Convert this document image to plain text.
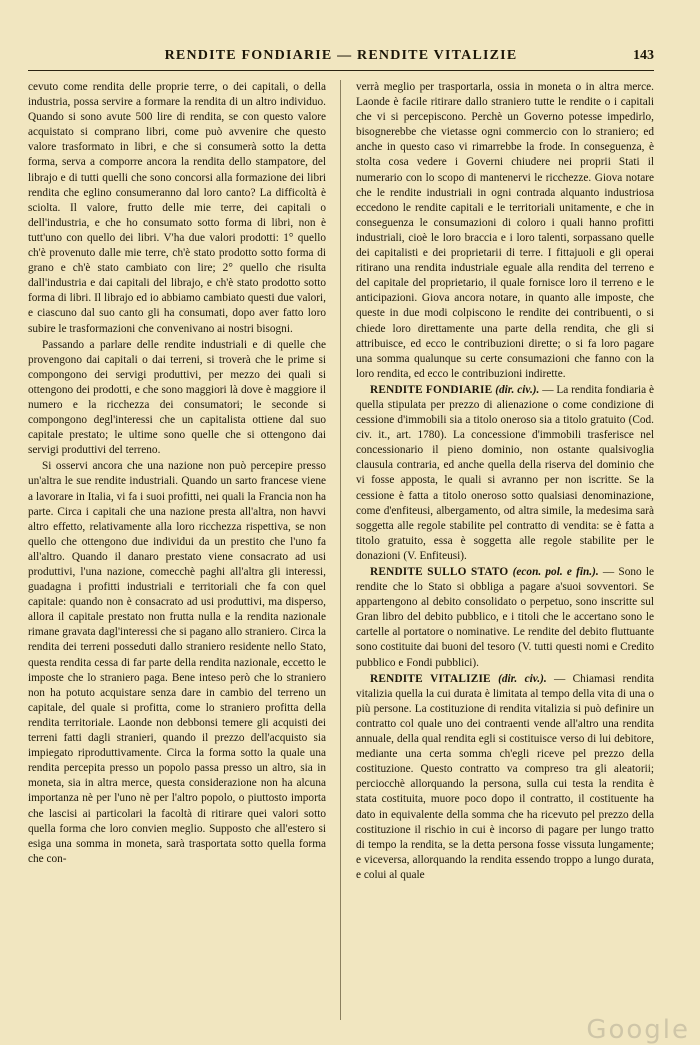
RENDITE FONDIARIE — RENDITE VITALIZIE	143

cevuto come rendita delle proprie terre, o dei capitali, o della industria, possa servire a formare la rendita di un altro individuo. Quando si sono avute 500 lire di rendita, se con questo valore acquistato si comprano libri, come può avvenire che questo valore trasformato in libri, e che si consumerà sotto la detta forma, serva a comporre ancora la rendita dello stampatore, del librajo e di tutti quelli che sono concorsi alla formazione dei libri rendita che eglino consumeranno dal loro canto? La difficoltà è sciolta. Il valore, frutto delle mie terre, dei capitali o dell'industria, e che ho consumato sotto forma di libri, non è tutt'uno con quello dei libri. V'ha due valori prodotti: 1° quello ch'è provenuto dalle mie terre, ch'è stato prodotto sotto forma di grano e ch'è stato cambiato con lire; 2° quello che risulta dall'industria e dai capitali del librajo, e ch'è stato prodotto sotto forma di libri. Il librajo ed io abbiamo cambiato questi due valori, e ciascuno dal suo canto gli ha consumati, dopo aver fatto loro subire le trasformazioni che convenivano ai nostri bisogni.

Passando a parlare delle rendite industriali e di quelle che provengono dai capitali o dai terreni, si troverà che le prime si compongono dei servigi produttivi, per mezzo dei quali si ottengono dei prodotti, e che sono maggiori là dove è maggiore il numero e la ricchezza dei consumatori; le seconde si compongono degl'interessi che un capitalista ottiene dal suo capitale prestato; le ultime sono quelle che si ottengono dai servigi produttivi del terreno.

Si osservi ancora che una nazione non può percepire presso un'altra le sue rendite industriali. Quando un sarto francese viene a lavorare in Italia, vi fa i suoi profitti, nei quali la Francia non ha parte. Circa i capitali che una nazione presta all'altra, non havvi altro effetto, relativamente alla loro ricchezza rispettiva, se non quello che ottengono due individui da un prestito che l'uno fa all'altro. Quando il danaro prestato viene consacrato ad usi produttivi, l'una nazione, comecchè paghi all'altra gli interessi, guadagna i profitti industriali e territoriali che fa con quel capitale: quando non è consacrato ad usi produttivi, ma disperso, allora il capitale prestato non frutta nulla e la rendita nazionale rimane gravata dagl'interessi che si pagano allo straniero. Circa la rendita dei terreni posseduti dallo straniero residente nello Stato, questa rendita cessa di far parte della rendita nazionale, eccetto le imposte che lo straniero paga. Bene inteso però che lo straniero non ha potuto acquistare senza dare in cambio del terreno un capitale, del quale si profitta, come lo straniero profitta della rendita territoriale. Laonde non debbonsi temere gli acquisti dei terreni fatti dagli stranieri, quando il prezzo dell'acquisto sia impiegato riproduttivamente. Circa la forma sotto la quale una rendita percepita presso un popolo passa presso un altro, sia in moneta, sia in altra merce, questa considerazione non ha alcuna importanza nè per l'uno nè per l'altro popolo, o piuttosto importa che lascisi ai particolari la facoltà di ritirare quei valori sotto quella forma che loro convien meglio. Supposto che all'estero si esiga una somma in moneta, sarà trasportata sotto quella forma che con-

verrà meglio per trasportarla, ossia in moneta o in altra merce. Laonde è facile ritirare dallo straniero tutte le rendite o i capitali che vi si percepiscono. Perchè un Governo potesse impedirlo, bisognerebbe che vietasse ogni commercio con lo straniero; ed anche in questo caso vi rimarrebbe la frode. In conseguenza, è stolta cosa vedere i Governi chiudere nei proprii Stati il numerario con lo scopo di mantenervi le ricchezze. Giova notare che le rendite industriali in ogni contrada alquanto industriosa eccedono le rendite capitali e le territoriali unitamente, e che in conseguenza le consumazioni di coloro i quali hanno profitti industriali, cioè le loro braccia e i loro talenti, sorpassano quelle dei capitalisti e dei proprietarii di terre. I fittajuoli e gli operai ritirano una rendita industriale eguale alla rendita del terreno e del capitale del proprietario, il quale fornisce loro il terreno e le anticipazioni. Giova ancora notare, in quanto alle imposte, che queste in due modi colpiscono le rendite dei contribuenti, o si chiede loro direttamente una parte della rendita, che gli si attribuisce, ed ecco le contribuzioni dirette; o si fa loro pagare una somma qualunque su certe consumazioni che fanno con la loro rendita, ed ecco le contribuzioni indirette.

RENDITE FONDIARIE (dir. civ.). — La rendita fondiaria è quella stipulata per prezzo di alienazione o come condizione di cessione d'immobili sia a titolo oneroso sia a titolo gratuito (Cod. civ. it., art. 1780). La concessione d'immobili trasferisce nel concessionario il pieno dominio, non ostante qualsivoglia clausula contraria, ed anche quella della riserva del dominio che vi fosse apposta, le quali si avranno per non iscritte. Se la cessione è fatta a titolo oneroso sotto qualsiasi denominazione, come d'enfiteusi, albergamento, od altra simile, la medesima sarà soggetta alle regole stabilite pel contratto di vendita: se è fatta a titolo gratuito, essa è soggetta alle regole stabilite per le donazioni (V. Enfiteusi).

RENDITE SULLO STATO (econ. pol. e fin.). — Sono le rendite che lo Stato si obbliga a pagare a'suoi sovventori. Se appartengono al debito consolidato o perpetuo, sono inscritte sul Gran libro del debito pubblico, e i titoli che le accertano sono le cartelle al portatore o nominative. Le rendite del debito fluttuante sono costituite dai buoni del tesoro (V. tutti questi nomi e Credito pubblico e Fondi pubblici).

RENDITE VITALIZIE (dir. civ.). — Chiamasi rendita vitalizia quella la cui durata è limitata al tempo della vita di una o più persone. La costituzione di rendita vitalizia si può definire un contratto col quale uno dei contraenti vende all'altro una rendita annuale, della qual rendita egli si costituisce verso di lui debitore, mediante una certa somma ch'egli riceve pel prezzo della costituzione. Questo contratto va compreso tra gli aleatorii; perciocchè allorquando la persona, sulla cui testa la rendita è stata costituita, muore poco dopo il contratto, il costituente ha dato in equivalente della somma che ha ricevuto pel prezzo della costituzione il rischio in cui è incorso di pagare per lungo tratto di tempo la rendita, se la detta persona fosse vissuta lungamente; e viceversa, allorquando la rendita essendo troppo a lungo durata, e colui al quale

Google
